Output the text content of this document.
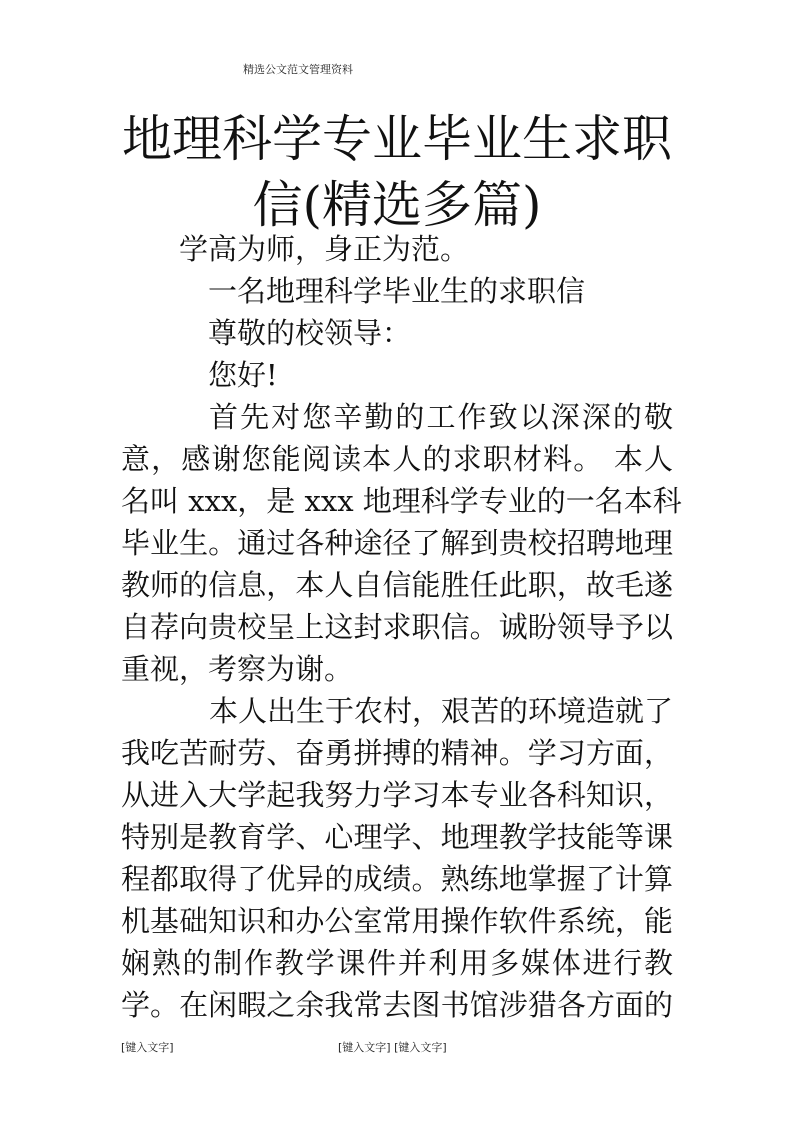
精选公文范文管理资料
地理科学专业毕业生求职
信(精选多篇)
学高为师，身正为范。
一名地理科学毕业生的求职信
尊敬的校领导：
您好!
首先对您辛勤的工作致以深深的敬
意，感谢您能阅读本人的求职材料。 本人
名叫 xxx，是 xxx 地理科学专业的一名本科
毕业生。通过各种途径了解到贵校招聘地理
教师的信息，本人自信能胜任此职，故毛遂
自荐向贵校呈上这封求职信。诚盼领导予以
重视，考察为谢。
本人出生于农村，艰苦的环境造就了
我吃苦耐劳、奋勇拼搏的精神。学习方面，
从进入大学起我努力学习本专业各科知识，
特别是教育学、心理学、地理教学技能等课
程都取得了优异的成绩。熟练地掌握了计算
机基础知识和办公室常用操作软件系统，能
娴熟的制作教学课件并利用多媒体进行教
学。在闲暇之余我常去图书馆涉猎各方面的
[键入文字]	[键入文字] [键入文字]
